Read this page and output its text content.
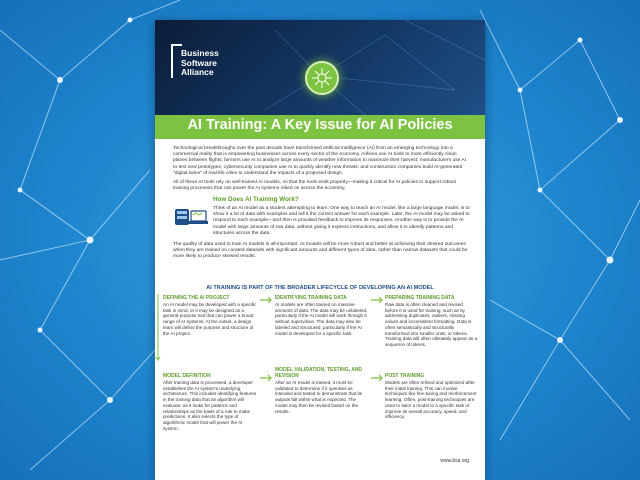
Business
Software
Alliance
AI Training: A Key Issue for AI Policies
Technological breakthroughs over the past decade have transformed artificial intelligence (AI) from an emerging technology into a commercial reality that is empowering businesses across every sector of the economy. Airlines use AI tools to more efficiently clean planes between flights; farmers use AI to analyze large amounts of weather information to maximize their harvest; manufacturers use AI to test new prototypes; cybersecurity companies use AI to quickly identify new threats; and construction companies build AI-generated "digital twins" of real-life cities to understand the impacts of a proposed design.
All of these AI tools rely on well-trained AI models, so that the tools work properly—making it critical for AI policies to support robust training processes that can power the AI systems relied on across the economy.
How Does AI Training Work?
Think of an AI model as a student attempting to learn. One way to teach an AI model, like a large language model, is to show it a lot of data with examples and tell it the correct answer for each example. Later, the AI model may be asked to respond to each example—and then is provided feedback to improve its responses. Another way is to provide the AI model with large amounts of raw data, without giving it express instructions, and allow it to identify patterns and structures across the data.
The quality of data used to train AI models is all-important. AI models will be more robust and better at achieving their desired outcomes when they are trained on curated datasets with significant amounts and different types of data, rather than narrow datasets that could be more likely to produce skewed results.
AI TRAINING IS PART OF THE BROADER LIFECYCLE OF DEVELOPING AN AI MODEL
DEFINING THE AI PROJECT
An AI model may be developed with a specific task in mind, or it may be designed as a general-purpose tool that can power a broad range of AI systems. At the outset, a design team will define the purpose and structure of the AI project.
IDENTIFYING TRAINING DATA
AI models are often trained on massive amounts of data. The data may be unlabeled, particularly if the AI model will work through it without supervision. The data may also be labeled and structured, particularly if the AI model is developed for a specific task.
PREPARING TRAINING DATA
Raw data is often cleaned and revised before it is used for training, such as by addressing duplicates, outliers, missing values and inconsistent formatting. Data is often semantically and structurally transformed into smaller units, or tokens. Training data will often ultimately appear as a sequence of tokens.
MODEL DEFINITION
After training data is processed, a developer establishes the AI system's underlying architecture. This includes identifying features in the training data that an algorithm will evaluate, as it looks for patterns and relationships as the basis of a rule to make predictions. It also selects the type of algorithmic model that will power the AI system.
MODEL VALIDATION, TESTING, AND REVISION
After an AI model is trained, it must be validated to determine if it operates as intended and tested to demonstrate that its outputs fall within what is expected. The model may then be revised based on the results.
POST TRAINING
Models are often refined and optimized after their initial training. This can involve techniques like fine-tuning and reinforcement learning. Often, post-training techniques are used to tailor a model to a specific task or improve its overall accuracy, speed, and efficiency.
www.bsa.org
